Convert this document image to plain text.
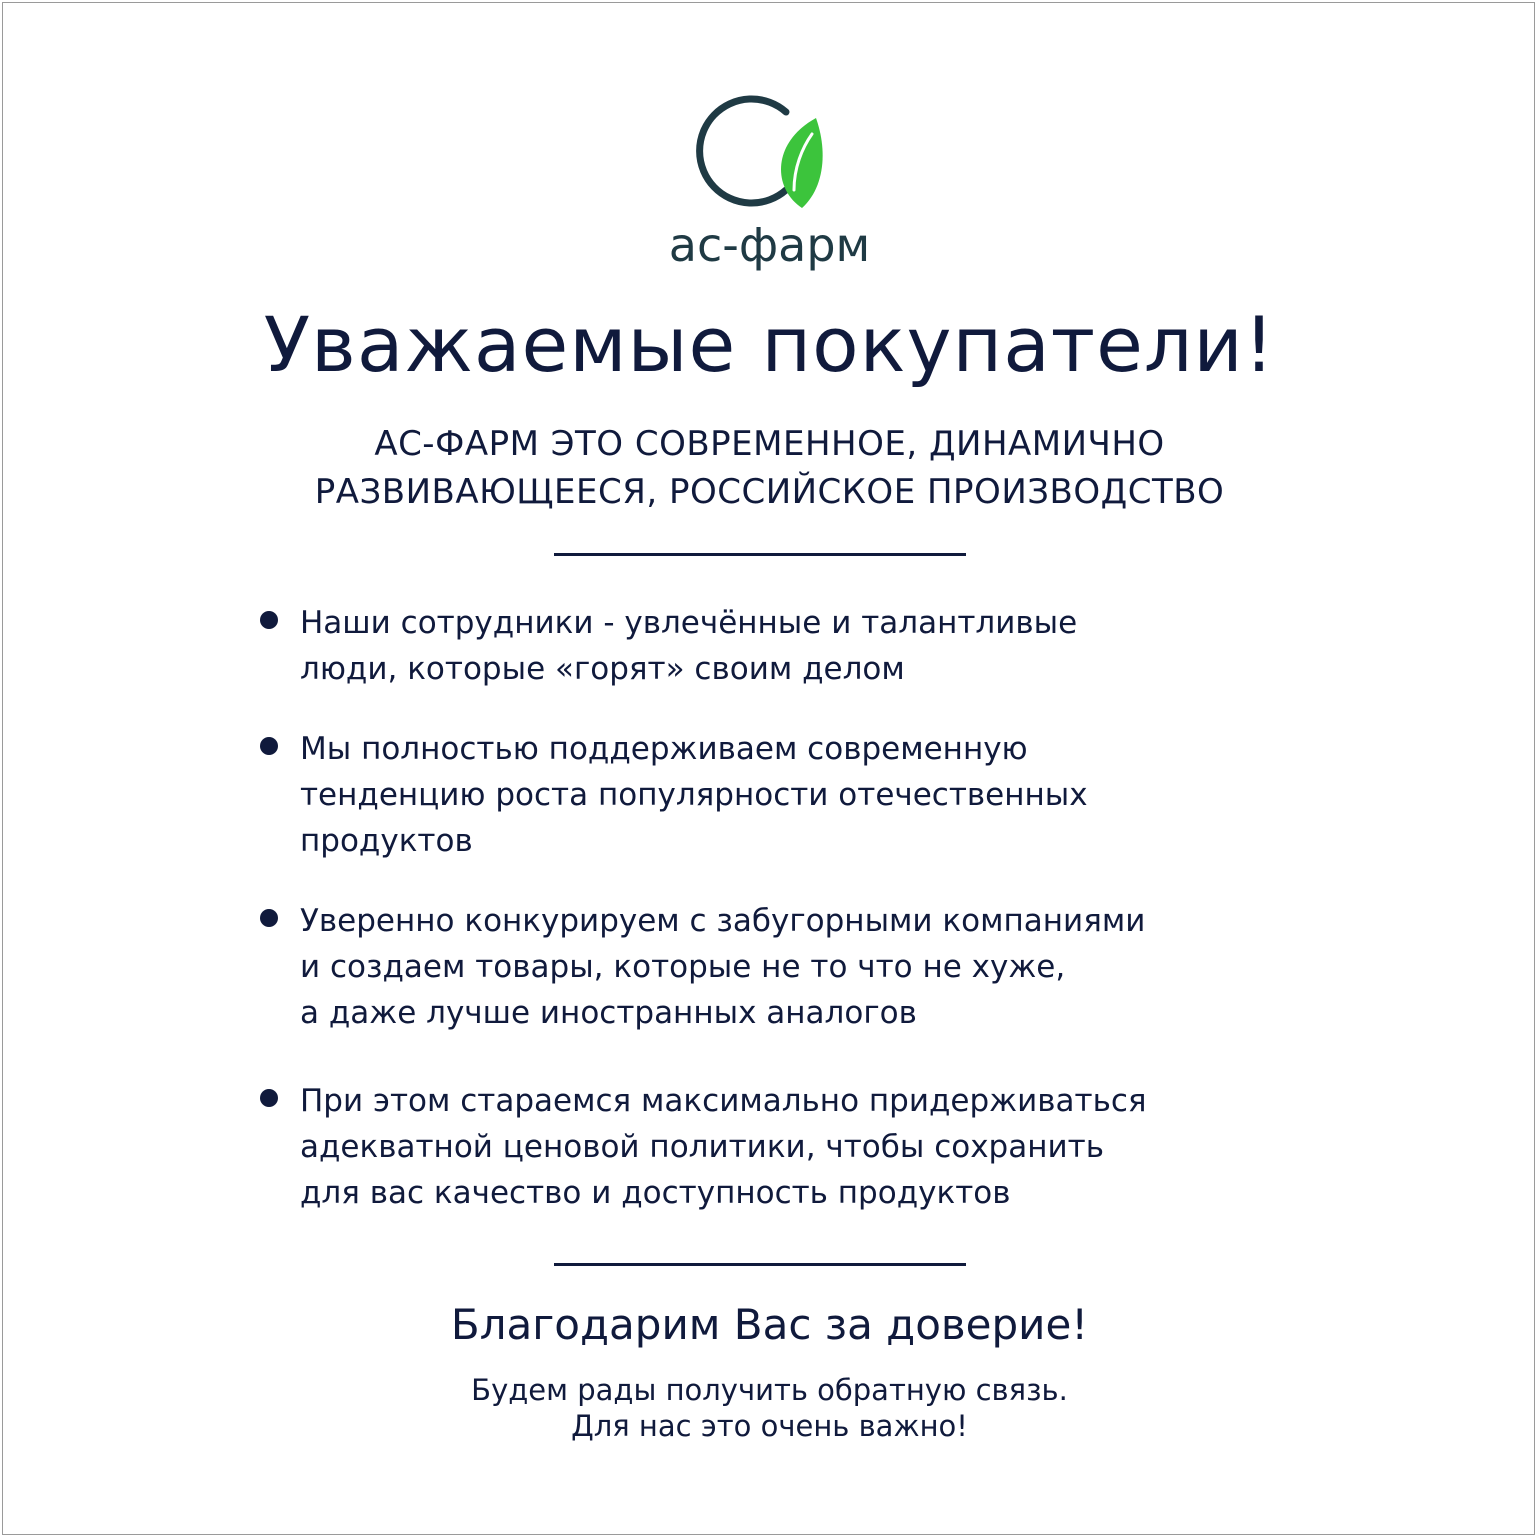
ас-фарм
Уважаемые покупатели!
АС-ФАРМ ЭТО СОВРЕМЕННОЕ, ДИНАМИЧНО
РАЗВИВАЮЩЕЕСЯ, РОССИЙСКОЕ ПРОИЗВОДСТВО
Наши сотрудники - увлечённые и талантливые
люди, которые «горят» своим делом
Мы полностью поддерживаем современную
тенденцию роста популярности отечественных
продуктов
Уверенно конкурируем с забугорными компаниями
и создаем товары, которые не то что не хуже,
а даже лучше иностранных аналогов
При этом стараемся максимально придерживаться
адекватной ценовой политики, чтобы сохранить
для вас качество и доступность продуктов
Благодарим Вас за доверие!
Будем рады получить обратную связь.
Для нас это очень важно!
